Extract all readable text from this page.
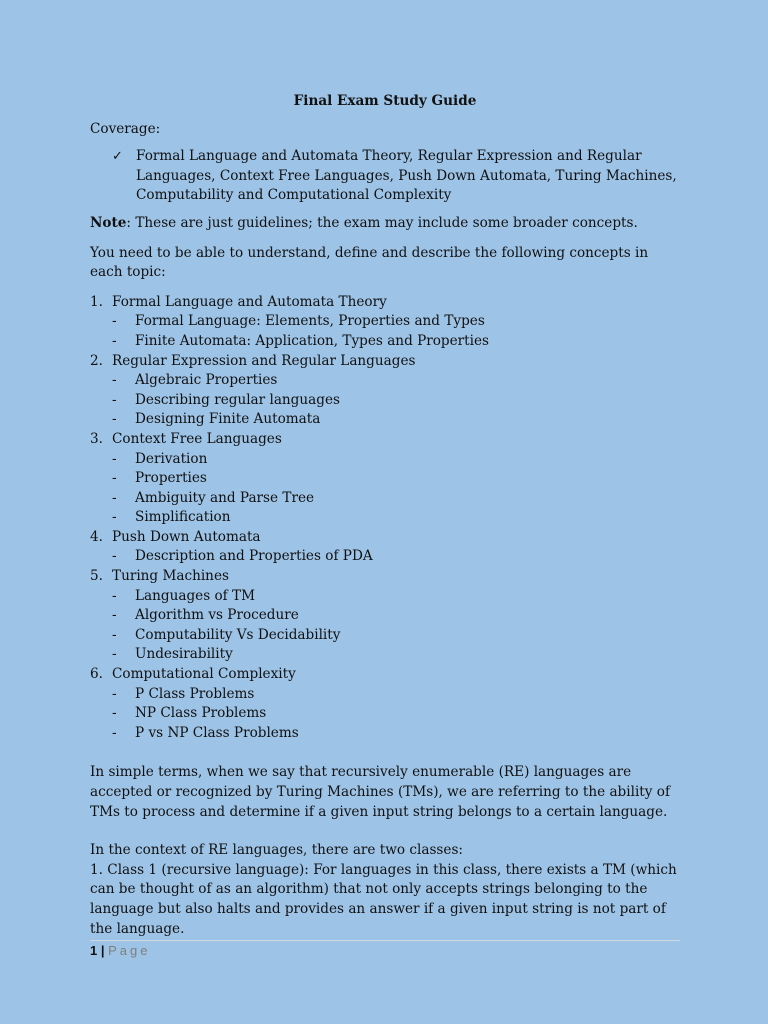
Final Exam Study Guide

Coverage:

✓ Formal Language and Automata Theory, Regular Expression and Regular Languages, Context Free Languages, Push Down Automata, Turing Machines, Computability and Computational Complexity

Note: These are just guidelines; the exam may include some broader concepts.

You need to be able to understand, define and describe the following concepts in each topic:

1. Formal Language and Automata Theory
-	Formal Language: Elements, Properties and Types
-	Finite Automata: Application, Types and Properties
2. Regular Expression and Regular Languages
-	Algebraic Properties
-	Describing regular languages
-	Designing Finite Automata
3. Context Free Languages
-	Derivation
-	Properties
-	Ambiguity and Parse Tree
-	Simplification
4. Push Down Automata
-	Description and Properties of PDA
5. Turing Machines
-	Languages of TM
-	Algorithm vs Procedure
-	Computability Vs Decidability
-	Undesirability
6. Computational Complexity
-	P Class Problems
-	NP Class Problems
-	P vs NP Class Problems

In simple terms, when we say that recursively enumerable (RE) languages are accepted or recognized by Turing Machines (TMs), we are referring to the ability of TMs to process and determine if a given input string belongs to a certain language.

In the context of RE languages, there are two classes:
1. Class 1 (recursive language): For languages in this class, there exists a TM (which can be thought of as an algorithm) that not only accepts strings belonging to the language but also halts and provides an answer if a given input string is not part of the language.
1 | Page
